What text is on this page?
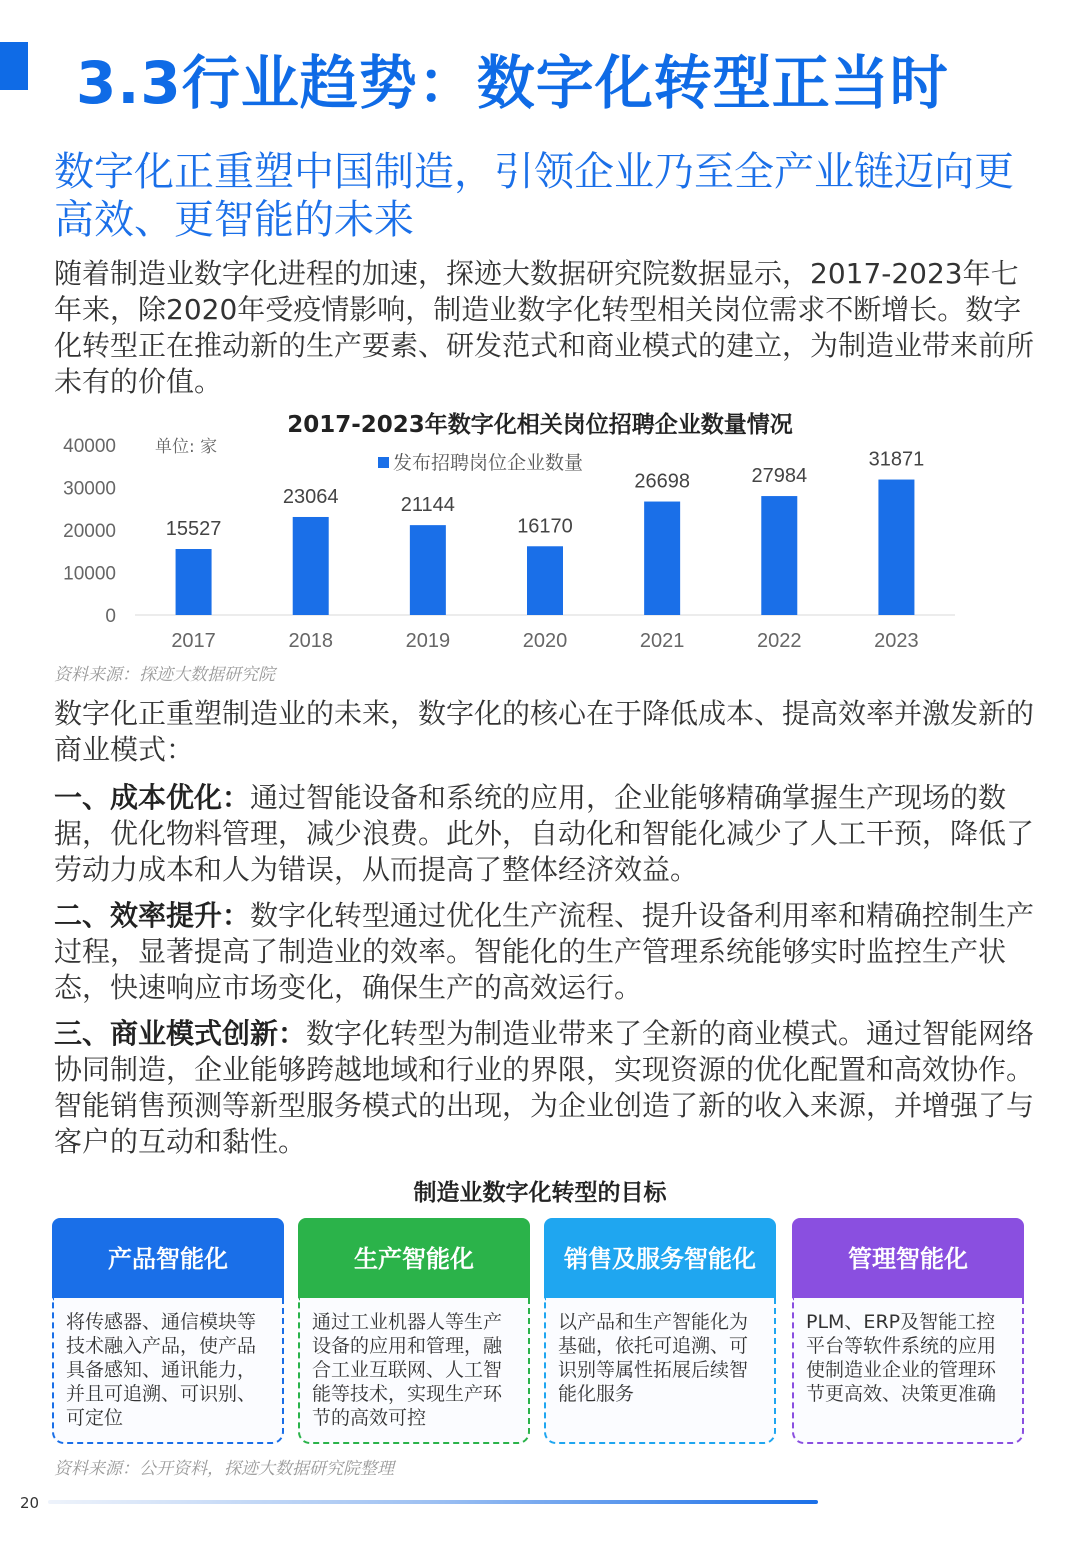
3.3行业趋势：数字化转型正当时
数字化正重塑中国制造，引领企业乃至全产业链迈向更高效、更智能的未来
随着制造业数字化进程的加速，探迹大数据研究院数据显示，2017-2023年七年来，除2020年受疫情影响，制造业数字化转型相关岗位需求不断增长。数字化转型正在推动新的生产要素、研发范式和商业模式的建立，为制造业带来前所未有的价值。
0
10000
20000
30000
40000 单位: 家
发布招聘岗位企业数量
15527
2017
23064
2018
21144
2019
16170
2020
26698
2021
27984
2022
31871
2023
2017-2023年数字化相关岗位招聘企业数量情况
资料来源：探迹大数据研究院
数字化正重塑制造业的未来，数字化的核心在于降低成本、提高效率并激发新的商业模式：
一、成本优化：通过智能设备和系统的应用，企业能够精确掌握生产现场的数据，优化物料管理，减少浪费。此外，自动化和智能化减少了人工干预，降低了劳动力成本和人为错误，从而提高了整体经济效益。
二、效率提升：数字化转型通过优化生产流程、提升设备利用率和精确控制生产过程，显著提高了制造业的效率。智能化的生产管理系统能够实时监控生产状态，快速响应市场变化，确保生产的高效运行。
三、商业模式创新：数字化转型为制造业带来了全新的商业模式。通过智能网络协同制造，企业能够跨越地域和行业的界限，实现资源的优化配置和高效协作。智能销售预测等新型服务模式的出现，为企业创造了新的收入来源，并增强了与客户的互动和黏性。
制造业数字化转型的目标
产品智能化
将传感器、通信模块等技术融入产品，使产品具备感知、通讯能力，并且可追溯、可识别、可定位
生产智能化
通过工业机器人等生产设备的应用和管理，融合工业互联网、人工智能等技术，实现生产环节的高效可控
销售及服务智能化
以产品和生产智能化为基础，依托可追溯、可识别等属性拓展后续智能化服务
管理智能化
PLM、ERP及智能工控平台等软件系统的应用使制造业企业的管理环节更高效、决策更准确
资料来源：公开资料，探迹大数据研究院整理
20
